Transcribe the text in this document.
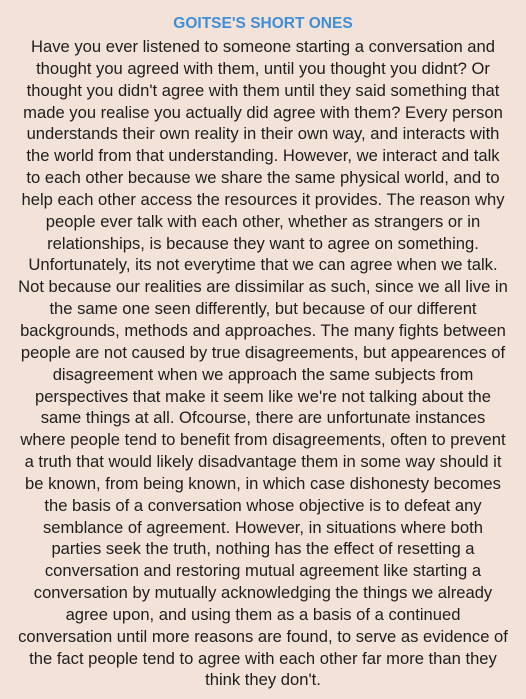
GOITSE'S SHORT ONES
Have you ever listened to someone starting a conversation and
thought you agreed with them, until you thought you didnt? Or
thought you didn't agree with them until they said something that
made you realise you actually did agree with them? Every person
understands their own reality in their own way, and interacts with
the world from that understanding. However, we interact and talk
to each other because we share the same physical world, and to
help each other access the resources it provides. The reason why
people ever talk with each other, whether as strangers or in
relationships, is because they want to agree on something.
Unfortunately, its not everytime that we can agree when we talk.
Not because our realities are dissimilar as such, since we all live in
the same one seen differently, but because of our different
backgrounds, methods and approaches. The many fights between
people are not caused by true disagreements, but appearences of
disagreement when we approach the same subjects from
perspectives that make it seem like we're not talking about the
same things at all. Ofcourse, there are unfortunate instances
where people tend to benefit from disagreements, often to prevent
a truth that would likely disadvantage them in some way should it
be known, from being known, in which case dishonesty becomes
the basis of a conversation whose objective is to defeat any
semblance of agreement. However, in situations where both
parties seek the truth, nothing has the effect of resetting a
conversation and restoring mutual agreement like starting a
conversation by mutually acknowledging the things we already
agree upon, and using them as a basis of a continued
conversation until more reasons are found, to serve as evidence of
the fact people tend to agree with each other far more than they
think they don't.
